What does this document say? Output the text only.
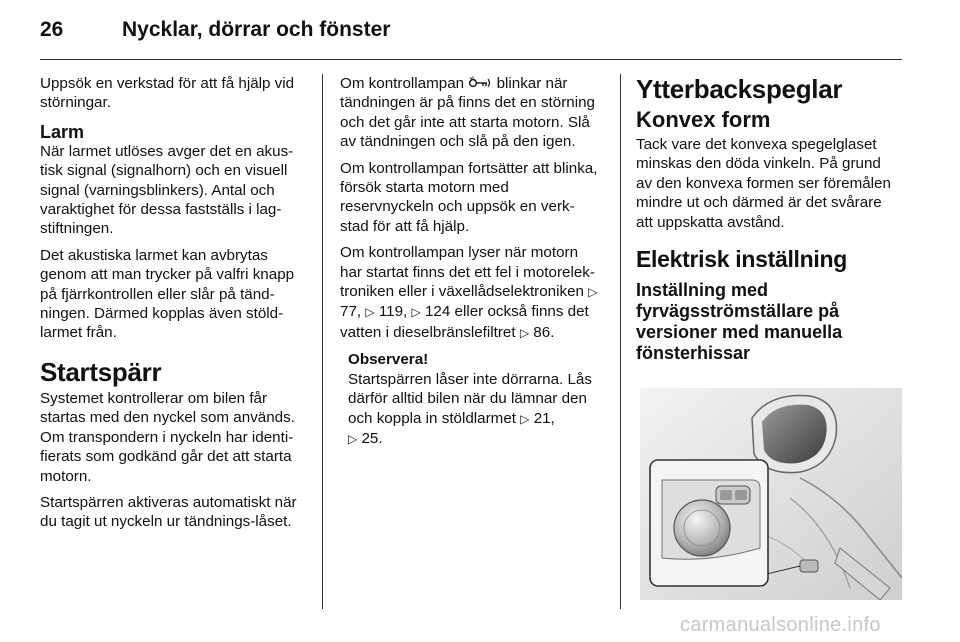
26	Nycklar, dörrar och fönster

Uppsök en verkstad för att få hjälp vid störningar.

Larm

När larmet utlöses avger det en akus-tisk signal (signalhorn) och en visuell signal (varningsblinkers). Antal och varaktighet för dessa fastställs i lag-stiftningen.

Det akustiska larmet kan avbrytas genom att man trycker på valfri knapp på fjärrkontrollen eller slår på tänd-ningen. Därmed kopplas även stöld-larmet från.

Startspärr

Systemet kontrollerar om bilen får startas med den nyckel som används. Om transpondern i nyckeln har identi-fierats som godkänd går det att starta motorn.

Startspärren aktiveras automatiskt när du tagit ut nyckeln ur tändnings-låset.

Om kontrollampan blinkar när tändningen är på finns det en störning och det går inte att starta motorn. Slå av tändningen och slå på den igen.

Om kontrollampan fortsätter att blinka, försök starta motorn med reservnyckeln och uppsök en verk-stad för att få hjälp.

Om kontrollampan lyser när motorn har startat finns det ett fel i motorelek-troniken eller i växellådselektroniken ▷ 77, ▷ 119, ▷ 124 eller också finns det vatten i dieselbränslefiltret ▷ 86.

Observera!
Startspärren låser inte dörrarna. Lås därför alltid bilen när du lämnar den och koppla in stöldlarmet ▷ 21,
▷ 25.
Ytterbackspeglar
Konvex form

Tack vare det konvexa spegelglaset minskas den döda vinkeln. På grund av den konvexa formen ser föremålen mindre ut och därmed är det svårare att uppskatta avstånd.

Elektrisk inställning
Inställning med fyrvägsströmställare på versioner med manuella fönsterhissar
carmanualsonline.info
